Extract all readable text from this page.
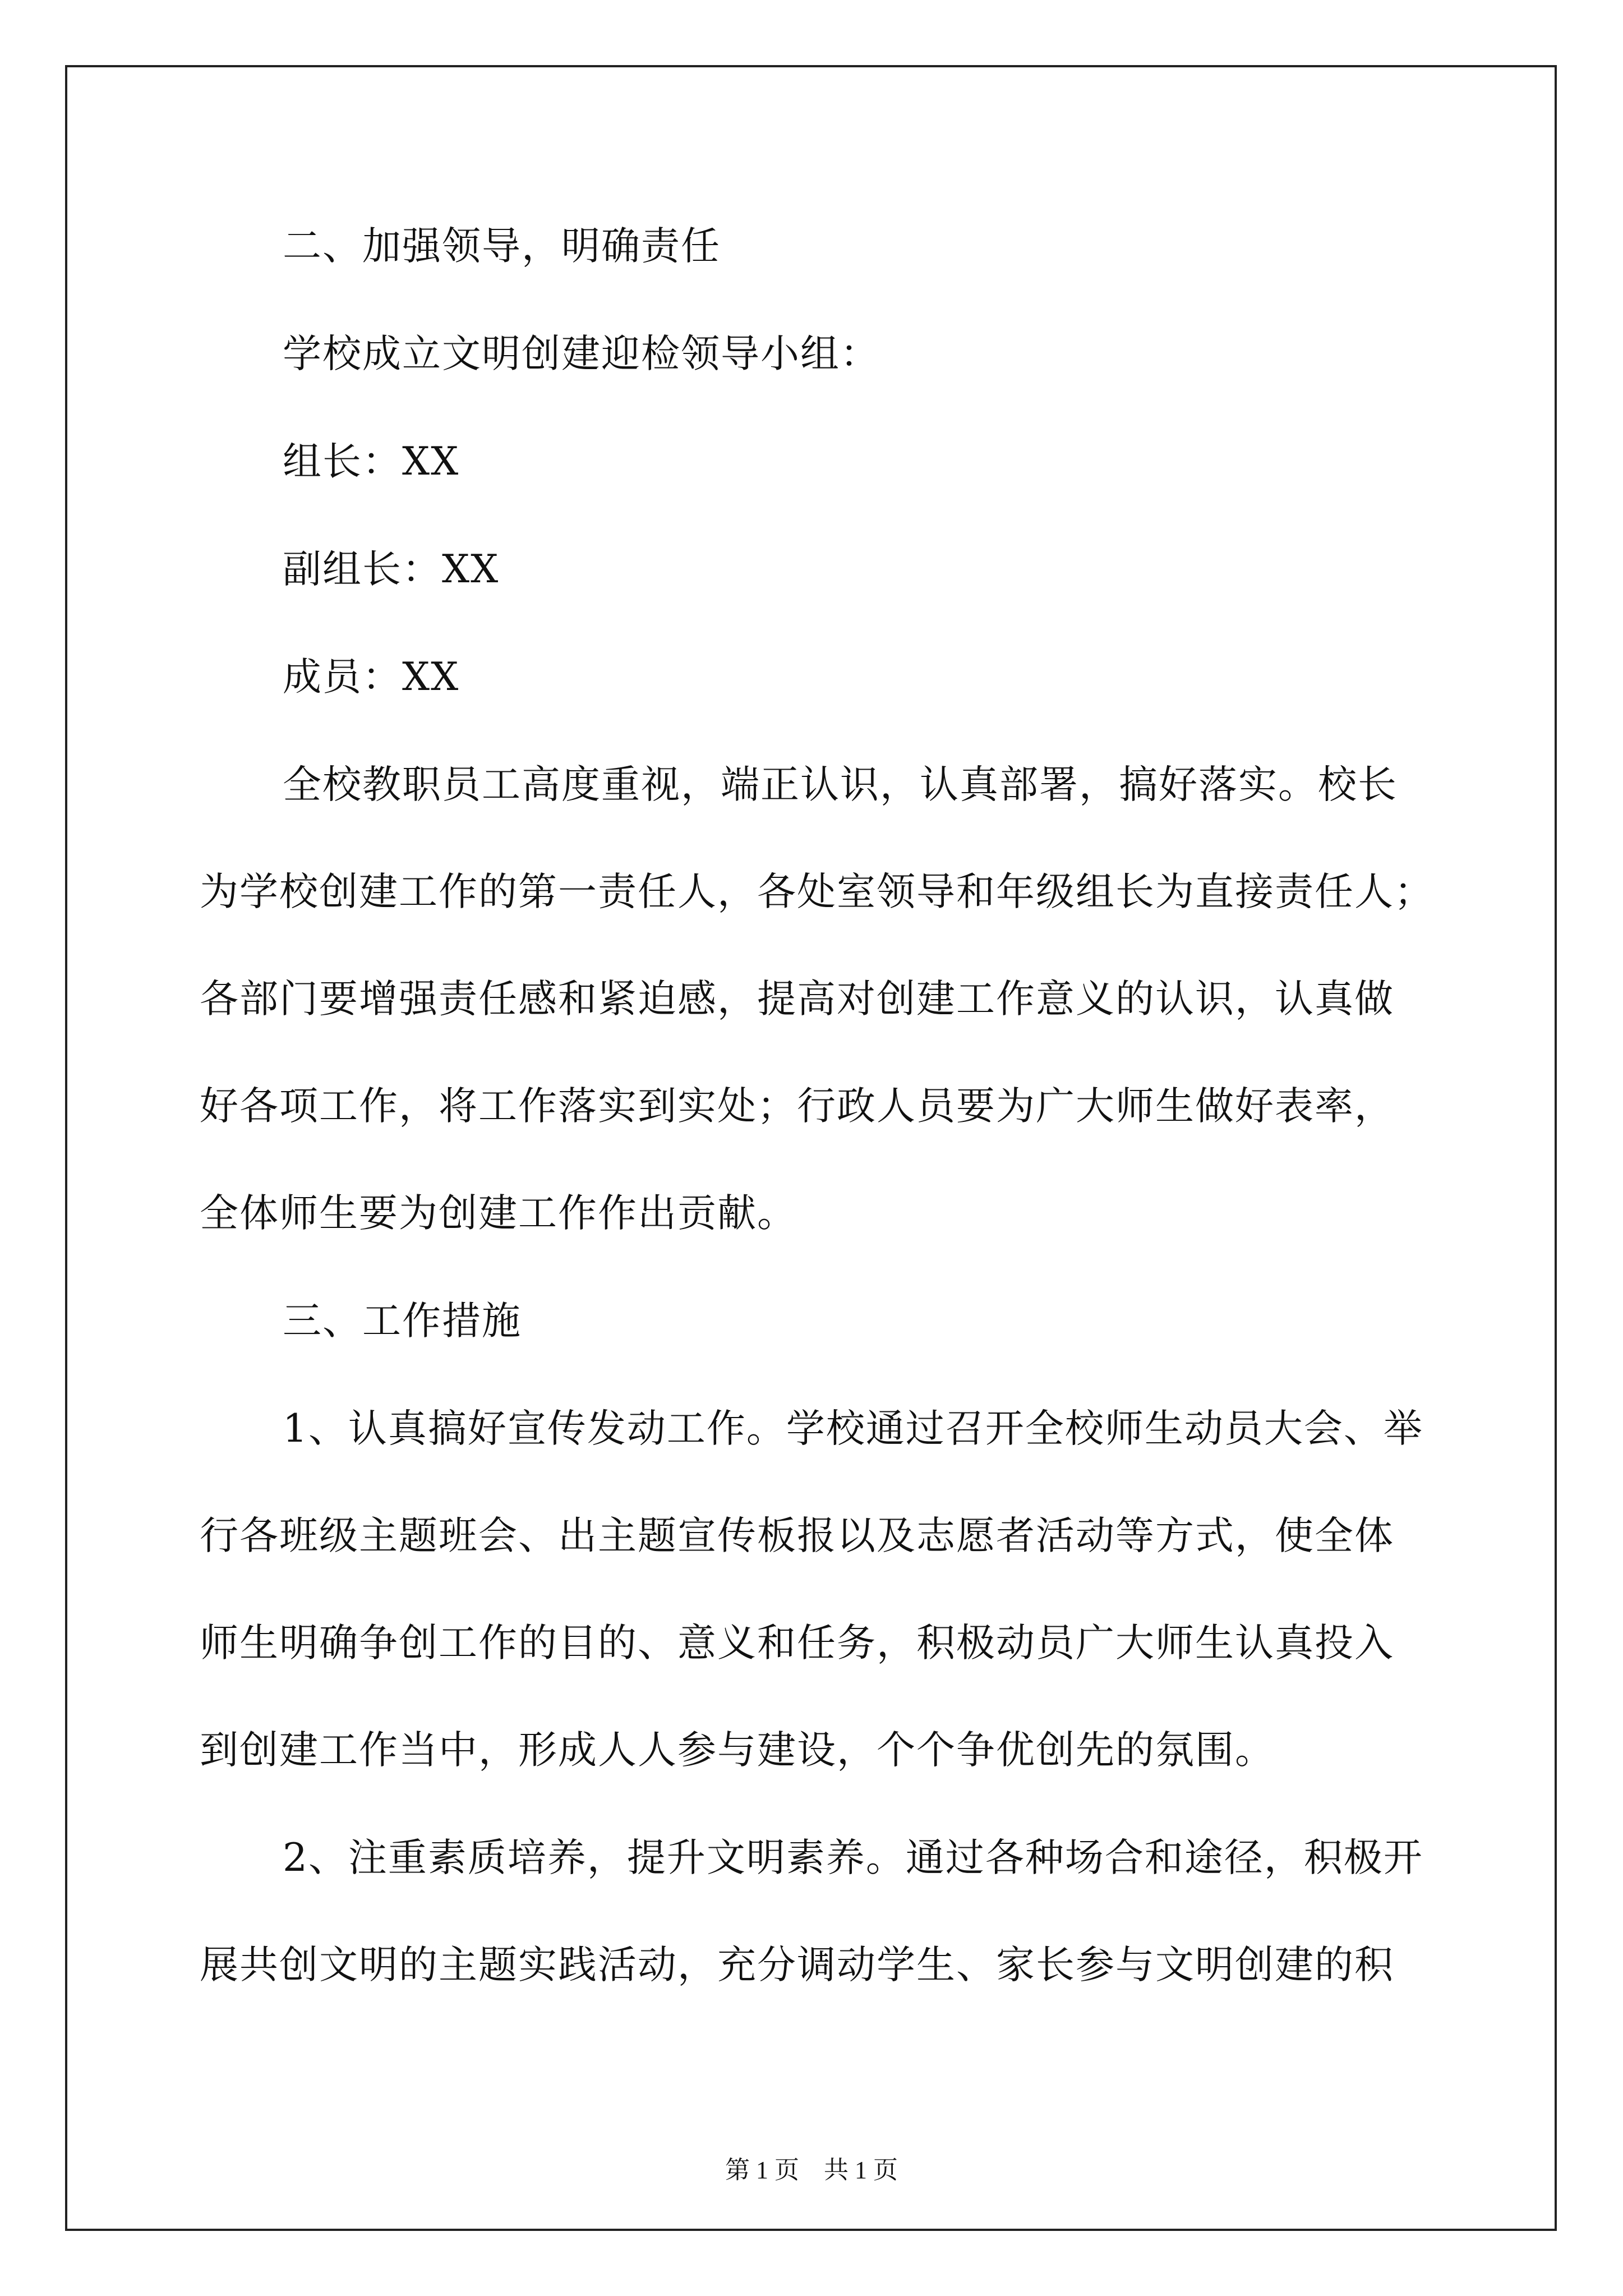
二、加强领导，明确责任
学校成立文明创建迎检领导小组：
组长：XX
副组长：XX
成员：XX
全校教职员工高度重视，端正认识，认真部署，搞好落实。校长
为学校创建工作的第一责任人，各处室领导和年级组长为直接责任人；
各部门要增强责任感和紧迫感，提高对创建工作意义的认识，认真做
好各项工作，将工作落实到实处；行政人员要为广大师生做好表率，
全体师生要为创建工作作出贡献。
三、工作措施
1、认真搞好宣传发动工作。学校通过召开全校师生动员大会、举
行各班级主题班会、出主题宣传板报以及志愿者活动等方式，使全体
师生明确争创工作的目的、意义和任务，积极动员广大师生认真投入
到创建工作当中，形成人人参与建设，个个争优创先的氛围。
2、注重素质培养，提升文明素养。通过各种场合和途径，积极开
展共创文明的主题实践活动，充分调动学生、家长参与文明创建的积
第 1 页 共 1 页
